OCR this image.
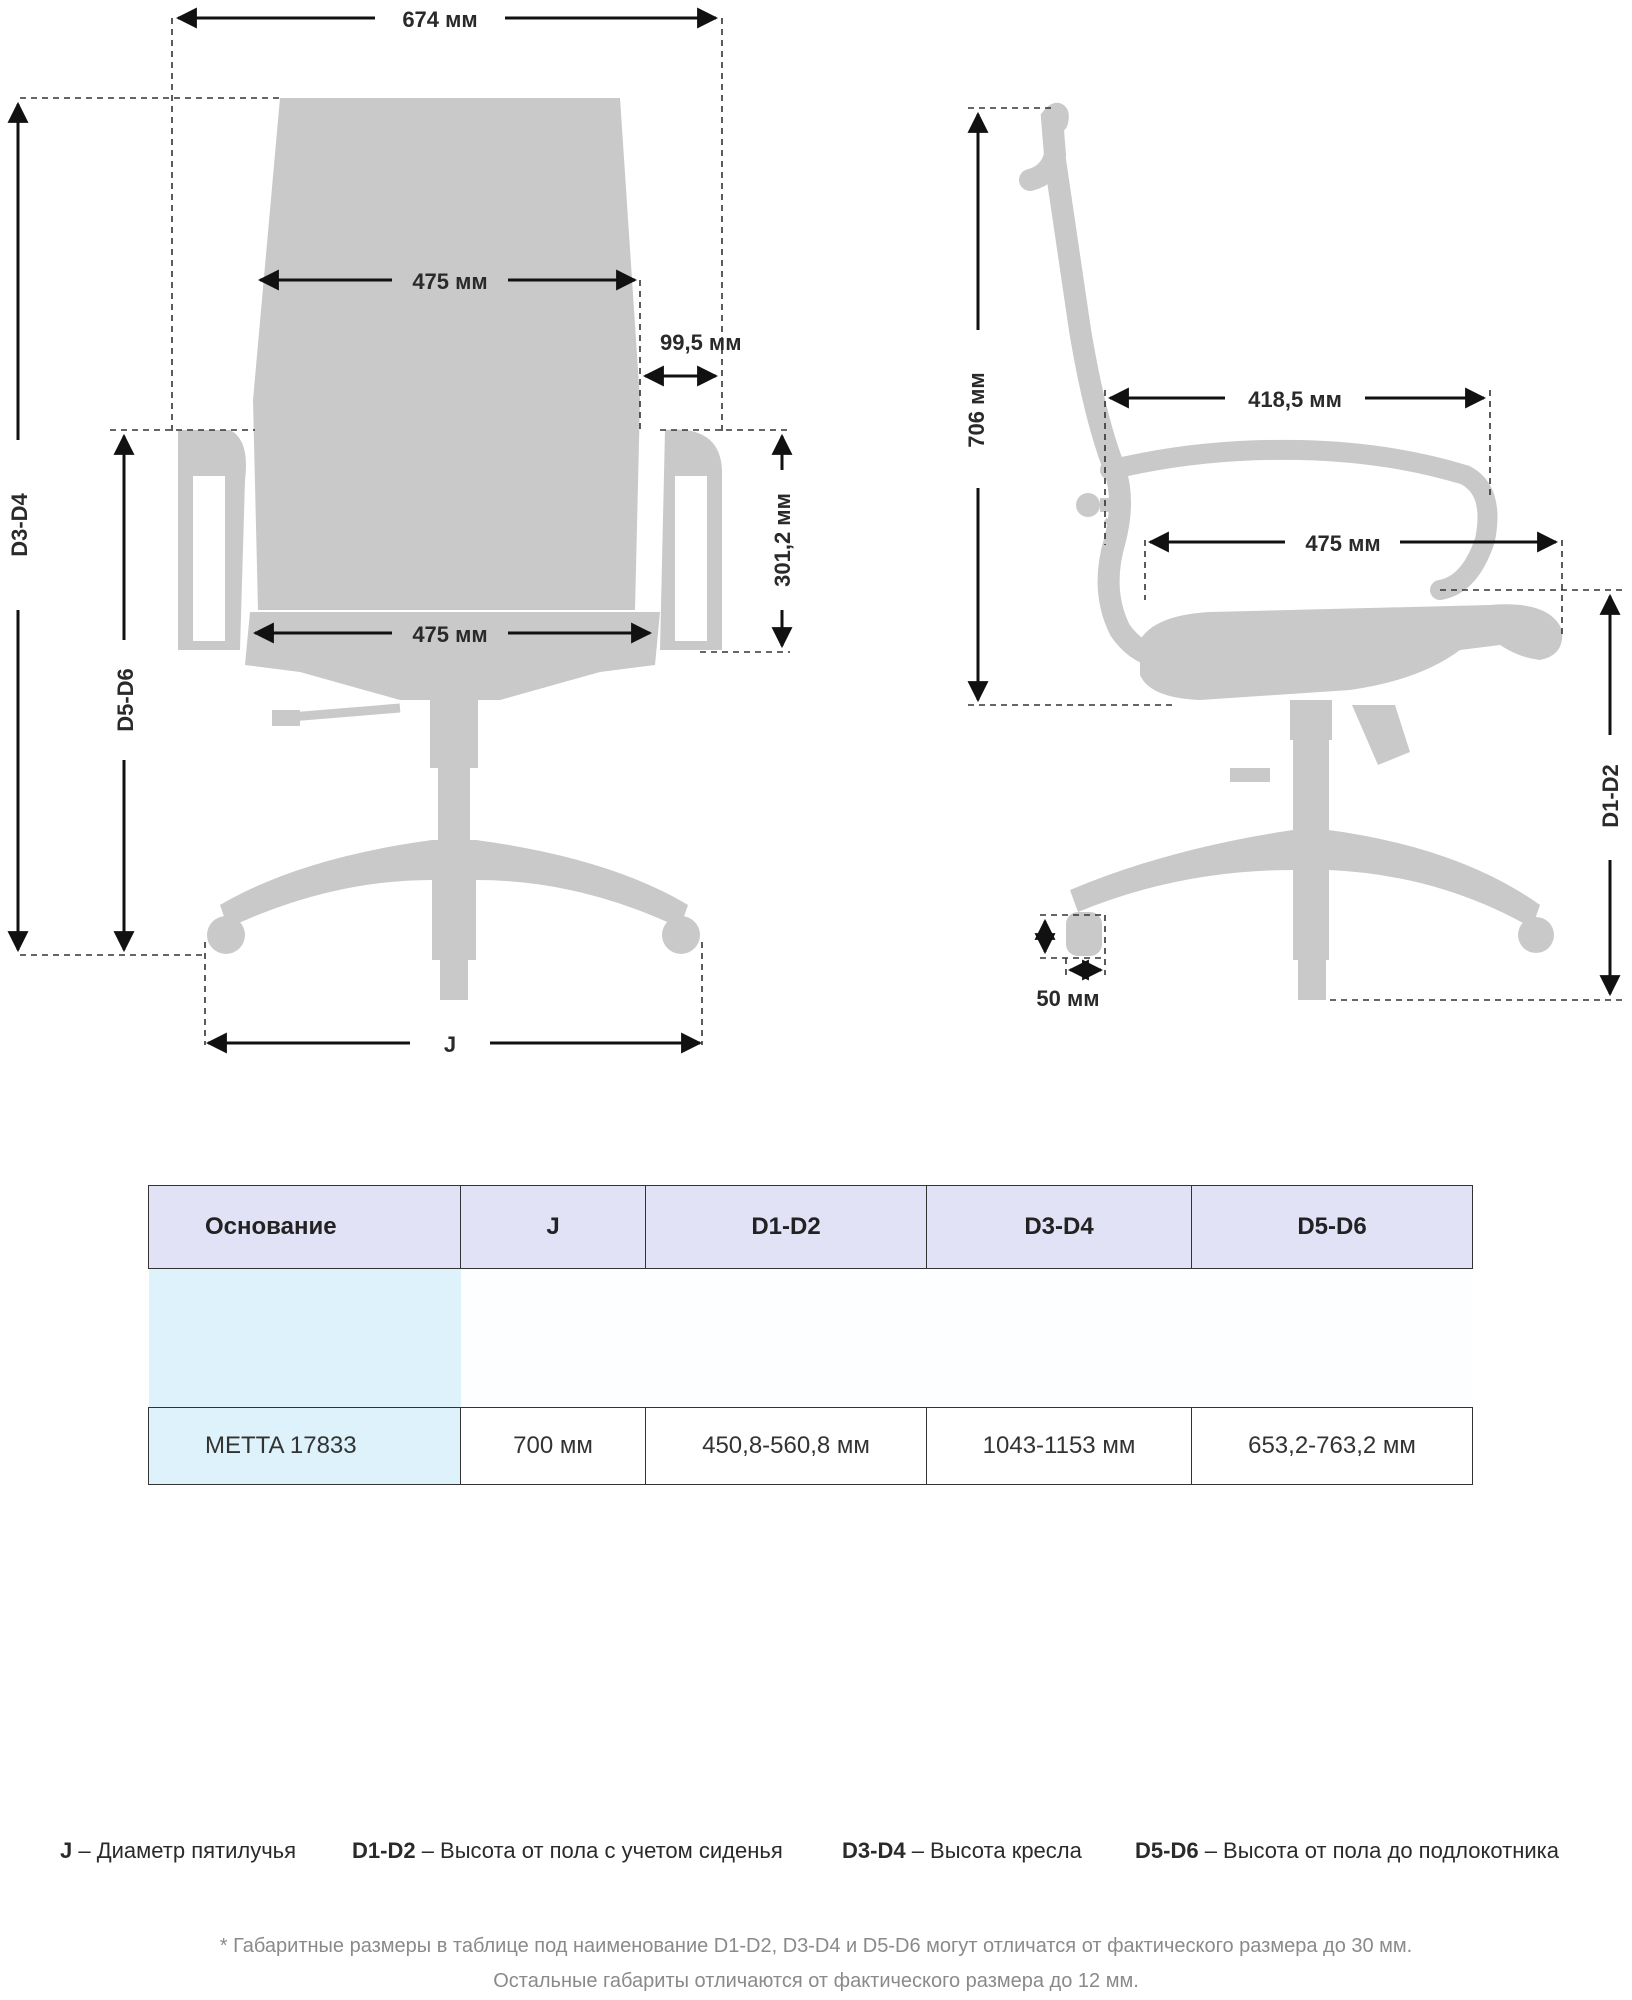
674 мм
475 мм
99,5 мм
475 мм
301,2 мм
D3-D4
D5-D6
J
706 мм	418,5 мм
475 мм
D1-D2
50 мм
Основание	J	D1-D2	D3-D4	D5-D6

METTA 17833	700 мм	450,8-560,8 мм	1043-1153 мм	653,2-763,2 мм
J – Диаметр пятилучья	D1-D2 – Высота от пола с учетом сиденья	D3-D4 – Высота кресла D5-D6 – Высота от пола до подлокотника
* Габаритные размеры в таблице под наименование D1-D2, D3-D4 и D5-D6 могут отличатся от фактического размера до 30 мм.
Остальные габариты отличаются от фактического размера до 12 мм.
